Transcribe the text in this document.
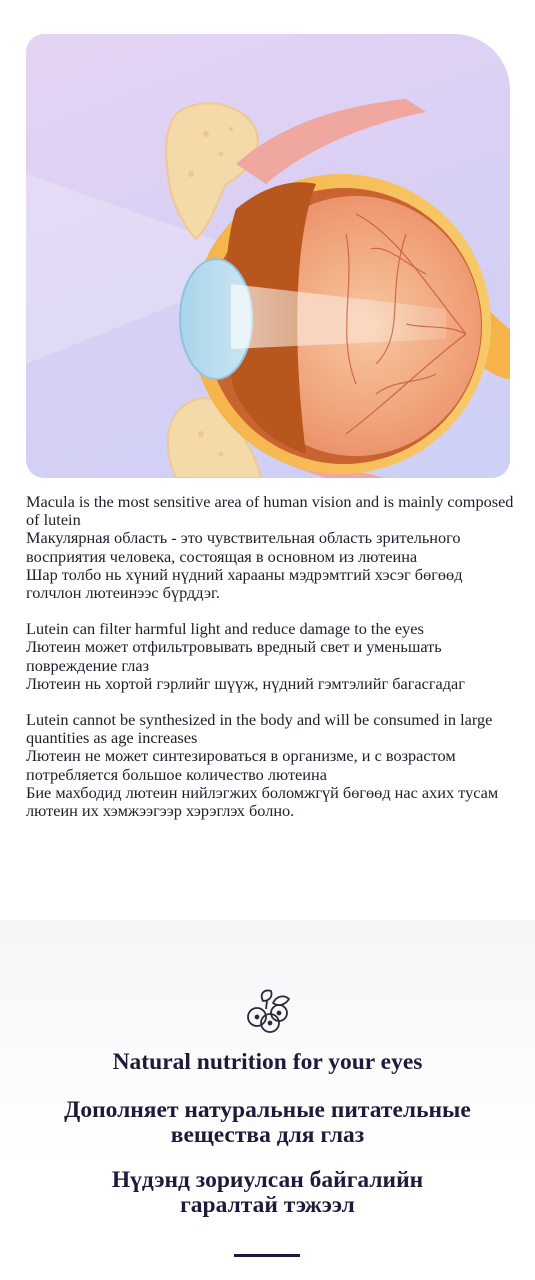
Macula is the most sensitive area of human vision and is mainly composed of lutein
Макулярная область - это чувствительная область зрительного восприятия человека, состоящая в основном из лютеина
Шар толбо нь хүний нүдний харааны мэдрэмтгий хэсэг бөгөөд голчлон лютеинээс бүрддэг.
Lutein can filter harmful light and reduce damage to the eyes
Лютеин может отфильтровывать вредный свет и уменьшать повреждение глаз
Лютеин нь хортой гэрлийг шүүж, нүдний гэмтэлийг багасгадаг
Lutein cannot be synthesized in the body and will be consumed in large quantities as age increases
Лютеин не может синтезироваться в организме, и с возрастом потребляется большое количество лютеина
Бие махбодид лютеин нийлэгжих боломжгүй бөгөөд нас ахих тусам лютеин их хэмжээгээр хэрэглэх болно.
Natural nutrition for your eyes
Дополняет натуральные питательные
вещества для глаз
Нүдэнд зориулсан байгалийн
гаралтай тэжээл
